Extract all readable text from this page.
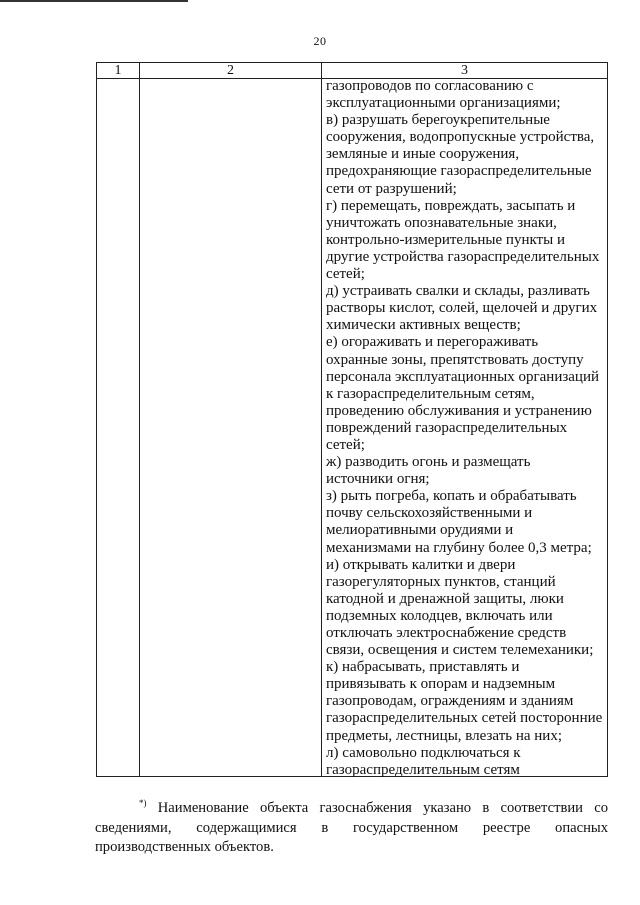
20
1	2	3
газопроводов по согласованию с
эксплуатационными организациями;
в) разрушать берегоукрепительные
сооружения, водопропускные устройства,
земляные и иные сооружения,
предохраняющие газораспределительные
сети от разрушений;
г) перемещать, повреждать, засыпать и
уничтожать опознавательные знаки,
контрольно-измерительные пункты и
другие устройства газораспределительных
сетей;
д) устраивать свалки и склады, разливать
растворы кислот, солей, щелочей и других
химически активных веществ;
е) огораживать и перегораживать
охранные зоны, препятствовать доступу
персонала эксплуатационных организаций
к газораспределительным сетям,
проведению обслуживания и устранению
повреждений газораспределительных
сетей;
ж) разводить огонь и размещать
источники огня;
з) рыть погреба, копать и обрабатывать
почву сельскохозяйственными и
мелиоративными орудиями и
механизмами на глубину более 0,3 метра;
и) открывать калитки и двери
газорегуляторных пунктов, станций
катодной и дренажной защиты, люки
подземных колодцев, включать или
отключать электроснабжение средств
связи, освещения и систем телемеханики;
к) набрасывать, приставлять и
привязывать к опорам и надземным
газопроводам, ограждениям и зданиям
газораспределительных сетей посторонние
предметы, лестницы, влезать на них;
л) самовольно подключаться к
газораспределительным сетям
*) Наименование объекта газоснабжения указано в соответствии со
сведениями, содержащимися в государственном реестре опасных
производственных объектов.
